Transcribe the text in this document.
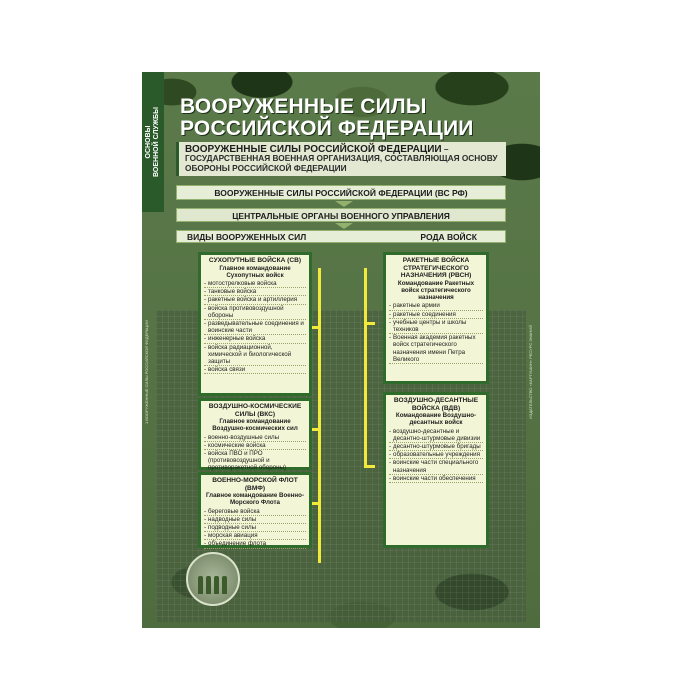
ОСНОВЫ ВОЕННОЙ СЛУЖБЫ
1.ВООРУЖЕННЫЕ СИЛЫ РОССИЙСКОЙ ФЕДЕРАЦИИ	ИЗДАТЕЛЬСТВО «КАРТУШИН» РЕСУРС ЗНАНИЙ
ВООРУЖЕННЫЕ СИЛЫ
РОССИЙСКОЙ ФЕДЕРАЦИИ
ВООРУЖЕННЫЕ СИЛЫ РОССИЙСКОЙ ФЕДЕРАЦИИ – ГОСУДАРСТВЕННАЯ ВОЕННАЯ ОРГАНИЗАЦИЯ, СОСТАВЛЯЮЩАЯ ОСНОВУ ОБОРОНЫ РОССИЙСКОЙ ФЕДЕРАЦИИ
ВООРУЖЕННЫЕ СИЛЫ РОССИЙСКОЙ ФЕДЕРАЦИИ (ВС РФ)
ЦЕНТРАЛЬНЫЕ ОРГАНЫ ВОЕННОГО УПРАВЛЕНИЯ
ВИДЫ ВООРУЖЕННЫХ СИЛ	РОДА ВОЙСК
СУХОПУТНЫЕ ВОЙСКА (СВ)
Главное командование Сухопутных войск
- мотострелковые войска
- танковые войска
- ракетные войска и артиллерия
- войска противовоздушной обороны
- разведывательные соединения и воинские части
- инженерные войска
- войска радиационной, химической и биологической защиты
- войска связи
ВОЗДУШНО-КОСМИЧЕСКИЕ СИЛЫ (ВКС)
Главное командование Воздушно-космических сил
- военно-воздушные силы
- космические войска
- войска ПВО и ПРО (противовоздушной и противоракетной обороны)
ВОЕННО-МОРСКОЙ ФЛОТ (ВМФ)
Главное командование Военно-Морского Флота
- береговые войска
- надводные силы
- подводные силы
- морская авиация
- объединение флота
РАКЕТНЫЕ ВОЙСКА СТРАТЕГИЧЕСКОГО НАЗНАЧЕНИЯ (РВСН)
Командование Ракетных войск стратегического назначения
- ракетные армии
- ракетные соединения
- учебные центры и школы техников
- Военная академия ракетных войск стратегического назначения имени Петра Великого
ВОЗДУШНО-ДЕСАНТНЫЕ ВОЙСКА (ВДВ)
Командование Воздушно-десантных войск
- воздушно-десантные и десантно-штурмовые дивизии
- десантно-штурмовые бригады
- образовательные учреждения
- воинские части специального назначения
- воинские части обеспечения
